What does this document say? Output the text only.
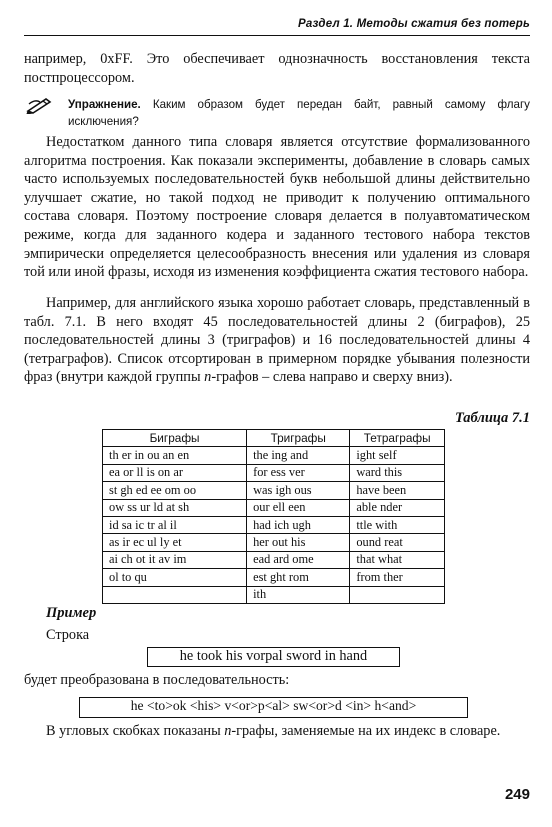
Раздел 1. Методы сжатия без потерь

например, 0xFF. Это обеспечивает однозначность восстановления текста постпроцессором.

Упражнение. Каким образом будет передан байт, равный самому флагу исключения?

Недостатком данного типа словаря является отсутствие формализованного алгоритма построения. Как показали эксперименты, добавление в словарь самых часто используемых последовательностей букв небольшой длины действительно улучшает сжатие, но такой подход не приводит к получению оптимального состава словаря. Поэтому построение словаря делается в полуавтоматическом режиме, когда для заданного кодера и заданного тестового набора текстов эмпирически определяется целесообразность внесения или удаления из словаря той или иной фразы, исходя из изменения коэффициента сжатия тестового набора.

Например, для английского языка хорошо работает словарь, представленный в табл. 7.1. В него входят 45 последовательностей длины 2 (биграфов), 25 последовательностей длины 3 (триграфов) и 16 последовательностей длины 4 (тетраграфов). Список отсортирован в примерном порядке убывания полезности фраз (внутри каждой группы n-графов – слева направо и сверху вниз).

Таблица 7.1
Биграфы	Триграфы	Тетраграфы
th er in ou an en	the ing and	ight self
ea or ll is on ar	for ess ver	ward this
st gh ed ee om oo	was igh ous	have been
ow ss ur ld at sh	our ell een	able nder
id sa ic tr al il	had ich ugh	ttle with
as ir ec ul ly et	her out his	ound reat
ai ch ot it av im	ead ard ome	that what
ol to qu	est ght rom	from ther
	ith	
Пример
Строка
he took his vorpal sword in hand

будет преобразована в последовательность:

he <to>ok <his> v<or>p<al> sw<or>d <in> h<and>

В угловых скобках показаны n-графы, заменяемые на их индекс в словаре.

249
